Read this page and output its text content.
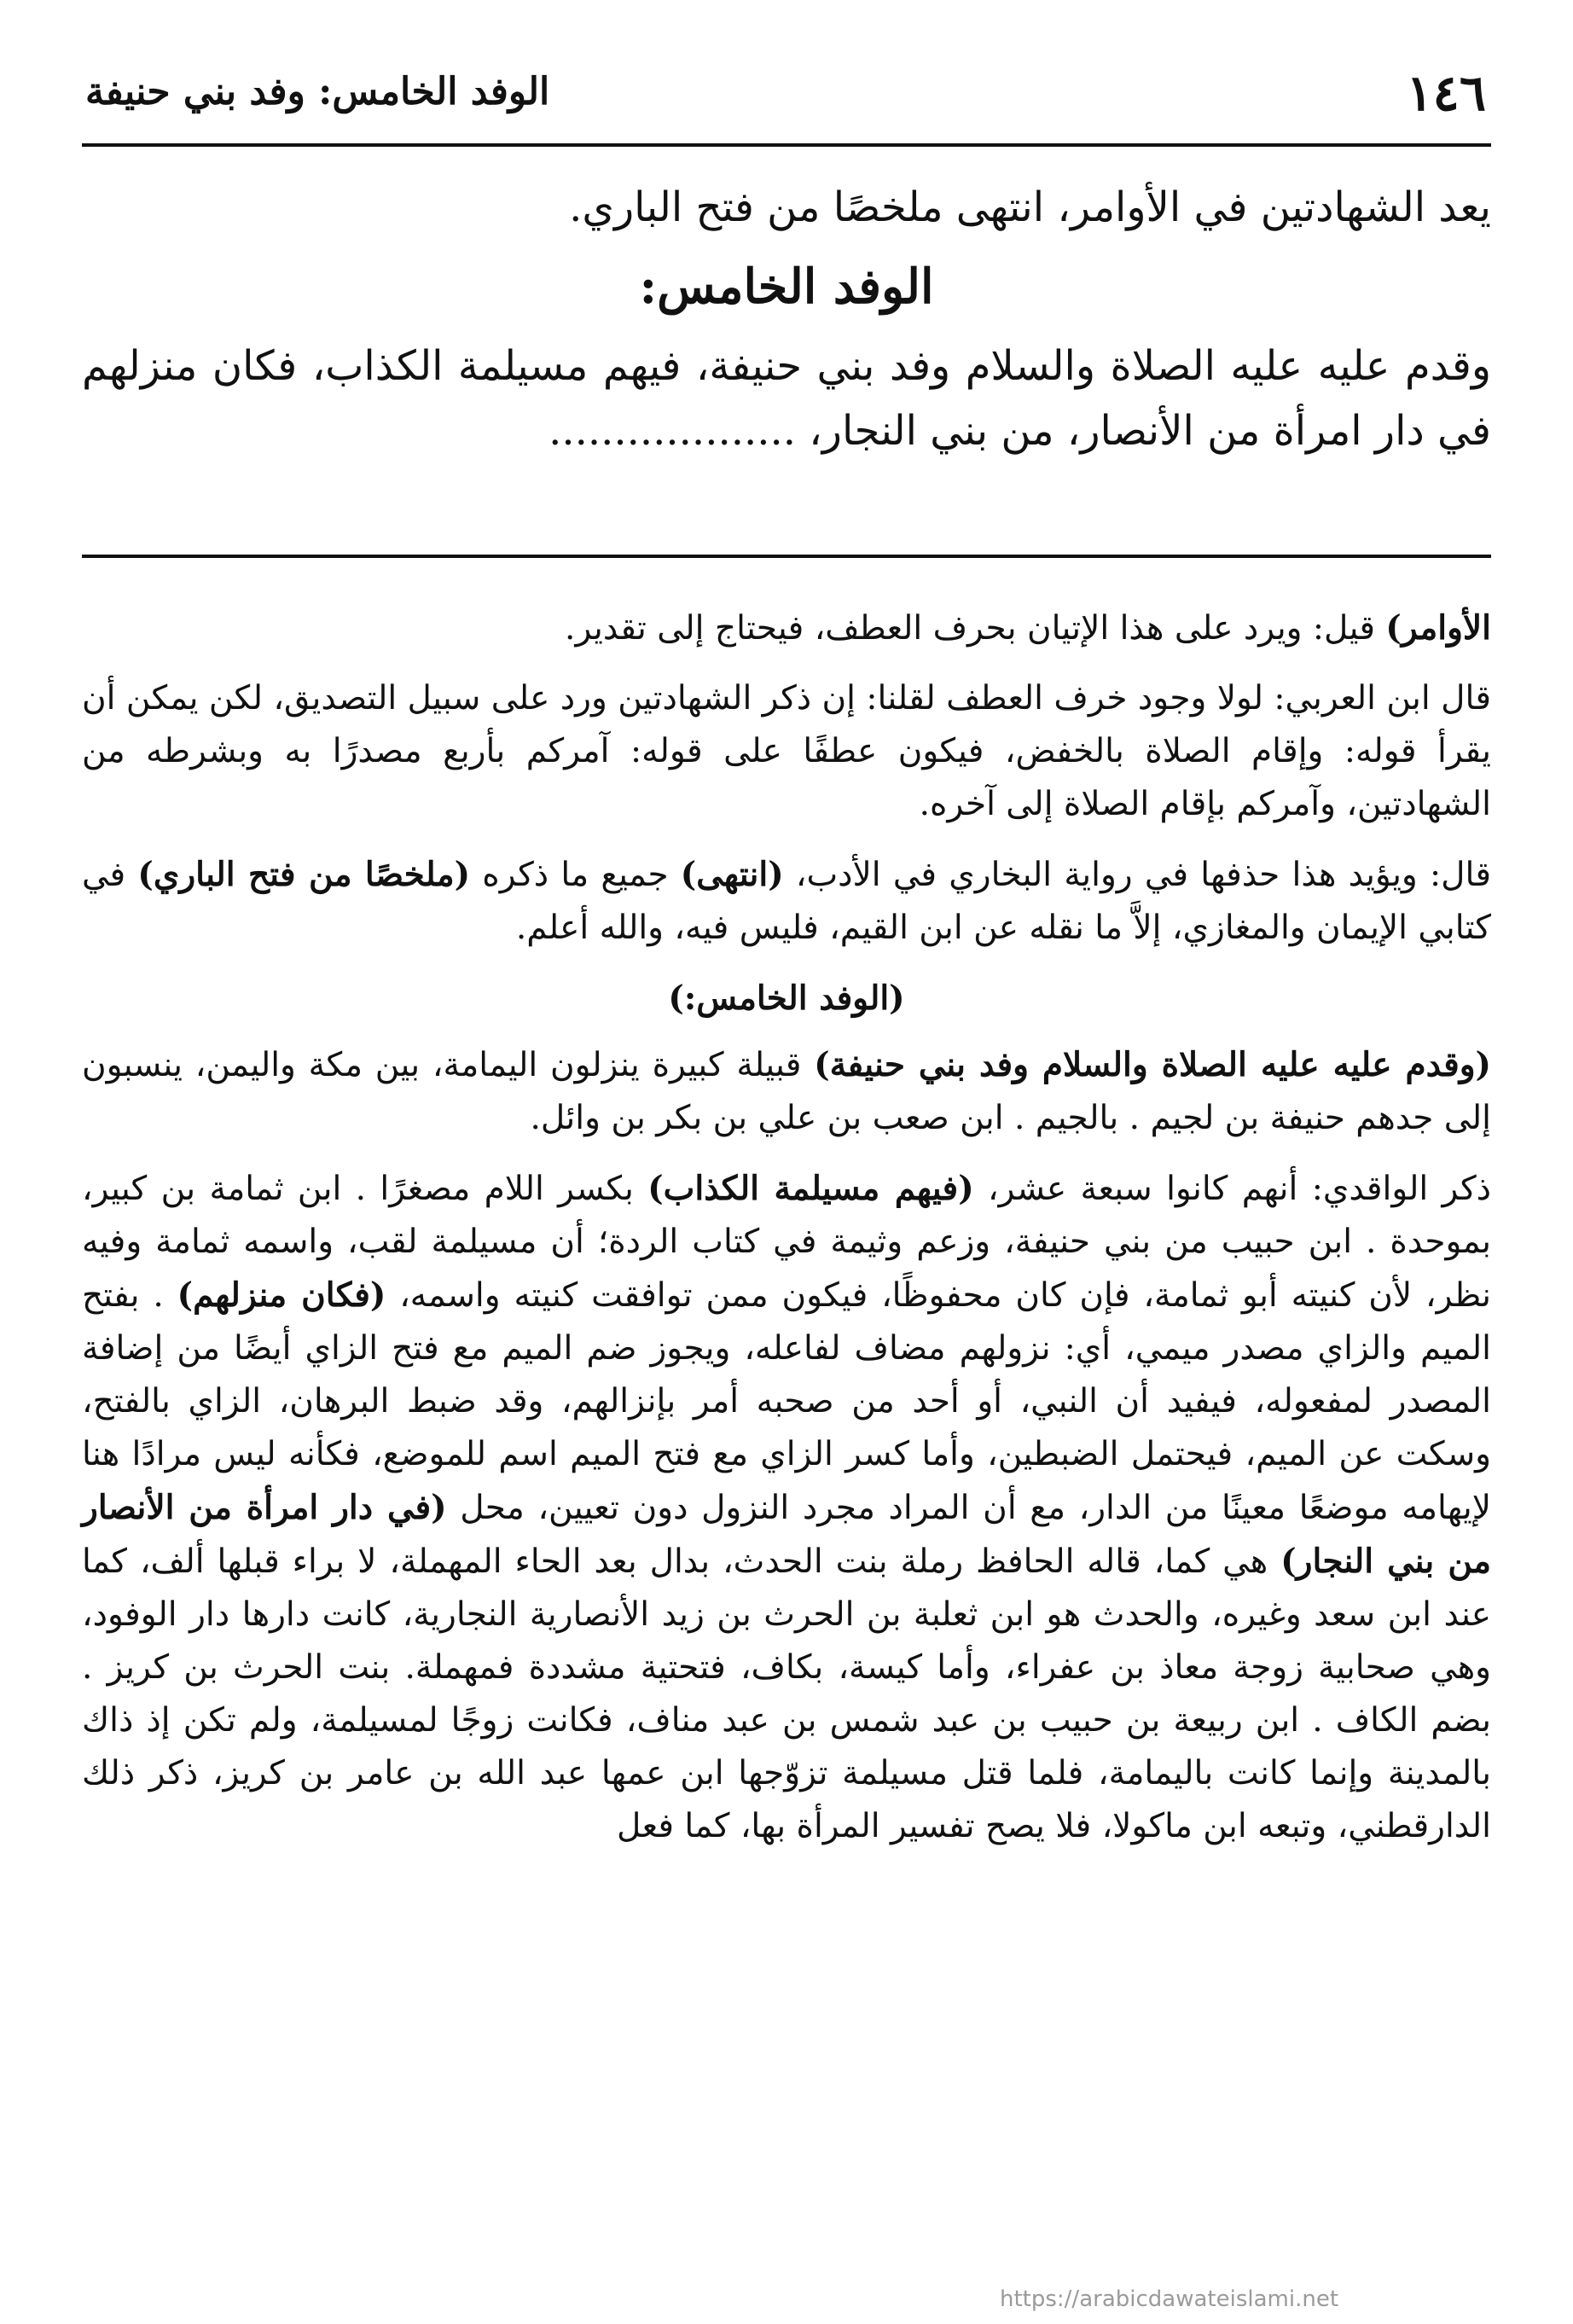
١٤٦
الوفد الخامس: وفد بني حنيفة

يعد الشهادتين في الأوامر، انتهى ملخصًا من فتح الباري.

الوفد الخامس:

وقدم عليه عليه الصلاة والسلام وفد بني حنيفة، فيهم مسيلمة الكذاب، فكان منزلهم في دار امرأة من الأنصار، من بني النجار، ...................

الأوامر) قيل: ويرد على هذا الإتيان بحرف العطف، فيحتاج إلى تقدير.

قال ابن العربي: لولا وجود خرف العطف لقلنا: إن ذكر الشهادتين ورد على سبيل التصديق، لكن يمكن أن يقرأ قوله: وإقام الصلاة بالخفض، فيكون عطفًا على قوله: آمركم بأربع مصدرًا به وبشرطه من الشهادتين، وآمركم بإقام الصلاة إلى آخره.

قال: ويؤيد هذا حذفها في رواية البخاري في الأدب، (انتهى) جميع ما ذكره (ملخصًا من فتح الباري) في كتابي الإيمان والمغازي، إلاَّ ما نقله عن ابن القيم، فليس فيه، والله أعلم.

(الوفد الخامس:)

(وقدم عليه عليه الصلاة والسلام وفد بني حنيفة) قبيلة كبيرة ينزلون اليمامة، بين مكة واليمن، ينسبون إلى جدهم حنيفة بن لجيم . بالجيم . ابن صعب بن علي بن بكر بن وائل.

ذكر الواقدي: أنهم كانوا سبعة عشر، (فيهم مسيلمة الكذاب) بكسر اللام مصغرًا . ابن ثمامة بن كبير، بموحدة . ابن حبيب من بني حنيفة، وزعم وثيمة في كتاب الردة؛ أن مسيلمة لقب، واسمه ثمامة وفيه نظر، لأن كنيته أبو ثمامة، فإن كان محفوظًا، فيكون ممن توافقت كنيته واسمه، (فكان منزلهم) . بفتح الميم والزاي مصدر ميمي، أي: نزولهم مضاف لفاعله، ويجوز ضم الميم مع فتح الزاي أيضًا من إضافة المصدر لمفعوله، فيفيد أن النبي، أو أحد من صحبه أمر بإنزالهم، وقد ضبط البرهان، الزاي بالفتح، وسكت عن الميم، فيحتمل الضبطين، وأما كسر الزاي مع فتح الميم اسم للموضع، فكأنه ليس مرادًا هنا لإيهامه موضعًا معينًا من الدار، مع أن المراد مجرد النزول دون تعيين، محل (في دار امرأة من الأنصار من بني النجار) هي كما، قاله الحافظ رملة بنت الحدث، بدال بعد الحاء المهملة، لا براء قبلها ألف، كما عند ابن سعد وغيره، والحدث هو ابن ثعلبة بن الحرث بن زيد الأنصارية النجارية، كانت دارها دار الوفود، وهي صحابية زوجة معاذ بن عفراء، وأما كيسة، بكاف، فتحتية مشددة فمهملة. بنت الحرث بن كريز . بضم الكاف . ابن ربيعة بن حبيب بن عبد شمس بن عبد مناف، فكانت زوجًا لمسيلمة، ولم تكن إذ ذاك بالمدينة وإنما كانت باليمامة، فلما قتل مسيلمة تزوّجها ابن عمها عبد الله بن عامر بن كريز، ذكر ذلك الدارقطني، وتبعه ابن ماكولا، فلا يصح تفسير المرأة بها، كما فعل

https://arabicdawateislami.net
